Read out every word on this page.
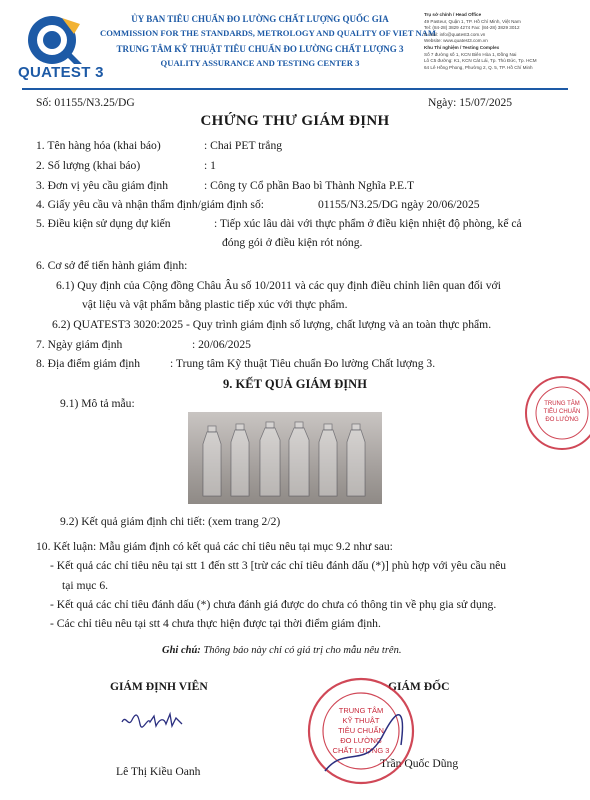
QUATEST 3
ỦY BAN TIÊU CHUẨN ĐO LƯỜNG CHẤT LƯỢNG QUỐC GIA
COMMISSION FOR THE STANDARDS, METROLOGY AND QUALITY OF VIET NAM
TRUNG TÂM KỸ THUẬT TIÊU CHUẨN ĐO LƯỜNG CHẤT LƯỢNG 3
QUALITY ASSURANCE AND TESTING CENTER 3
Trụ sở chính / Head Office
49 Pasteur, Quận 1, TP. Hồ Chí Minh, Việt Nam
Tel: (84-28) 3829 4274 Fax: (84-28) 3829 3012
E-mail: info@quatest3.com.vn
Website: www.quatest3.com.vn
Khu Thí nghiệm / Testing Complex
Số 7 đường số 1, KCN Biên Hòa 1, Đồng Nai
Lô C5 đường: K1, KCN Cát Lái, Tp. Thủ Đức, Tp. HCM
64 Lê Hồng Phong, Phường 2, Q. 5, TP. Hồ Chí Minh
Số: 01155/N3.25/DG	Ngày: 15/07/2025
CHỨNG THƯ GIÁM ĐỊNH
1. Tên hàng hóa (khai báo)	: Chai PET trắng
2. Số lượng (khai báo)	: 1
3. Đơn vị yêu cầu giám định	: Công ty Cổ phần Bao bì Thành Nghĩa P.E.T
4. Giấy yêu cầu và nhận thẩm định/giám định số:	01155/N3.25/DG ngày 20/06/2025
5. Điều kiện sử dụng dự kiến	: Tiếp xúc lâu dài với thực phẩm ở điều kiện nhiệt độ phòng, kể cả
đóng gói ở điều kiện rót nóng.
6. Cơ sở để tiến hành giám định:
6.1) Quy định của Cộng đồng Châu Âu số 10/2011 và các quy định điều chỉnh liên quan đối với
vật liệu và vật phẩm bằng plastic tiếp xúc với thực phẩm.
6.2) QUATEST3 3020:2025 - Quy trình giám định số lượng, chất lượng và an toàn thực phẩm.
7. Ngày giám định	: 20/06/2025
8. Địa điểm giám định	: Trung tâm Kỹ thuật Tiêu chuẩn Đo lường Chất lượng 3.
9. KẾT QUẢ GIÁM ĐỊNH
9.1) Mô tả mẫu:
9.2) Kết quả giám định chi tiết: (xem trang 2/2)
10. Kết luận: Mẫu giám định có kết quả các chỉ tiêu nêu tại mục 9.2 như sau:
- Kết quả các chỉ tiêu nêu tại stt 1 đến stt 3 [trừ các chỉ tiêu đánh dấu (*)] phù hợp với yêu cầu nêu
tại mục 6.
- Kết quả các chỉ tiêu đánh dấu (*) chưa đánh giá được do chưa có thông tin về phụ gia sử dụng.
- Các chỉ tiêu nêu tại stt 4 chưa thực hiện được tại thời điểm giám định.
Ghi chú: Thông báo này chỉ có giá trị cho mẫu nêu trên.
GIÁM ĐỊNH VIÊN
Lê Thị Kiều Oanh
GIÁM ĐỐC
Trần Quốc Dũng
TRUNG TÂM
KỸ THUẬT
TIÊU CHUẨN
ĐO LƯỜNG
CHẤT LƯỢNG 3
TRUNG TÂM
TIÊU CHUẨN
ĐO LƯỜNG
